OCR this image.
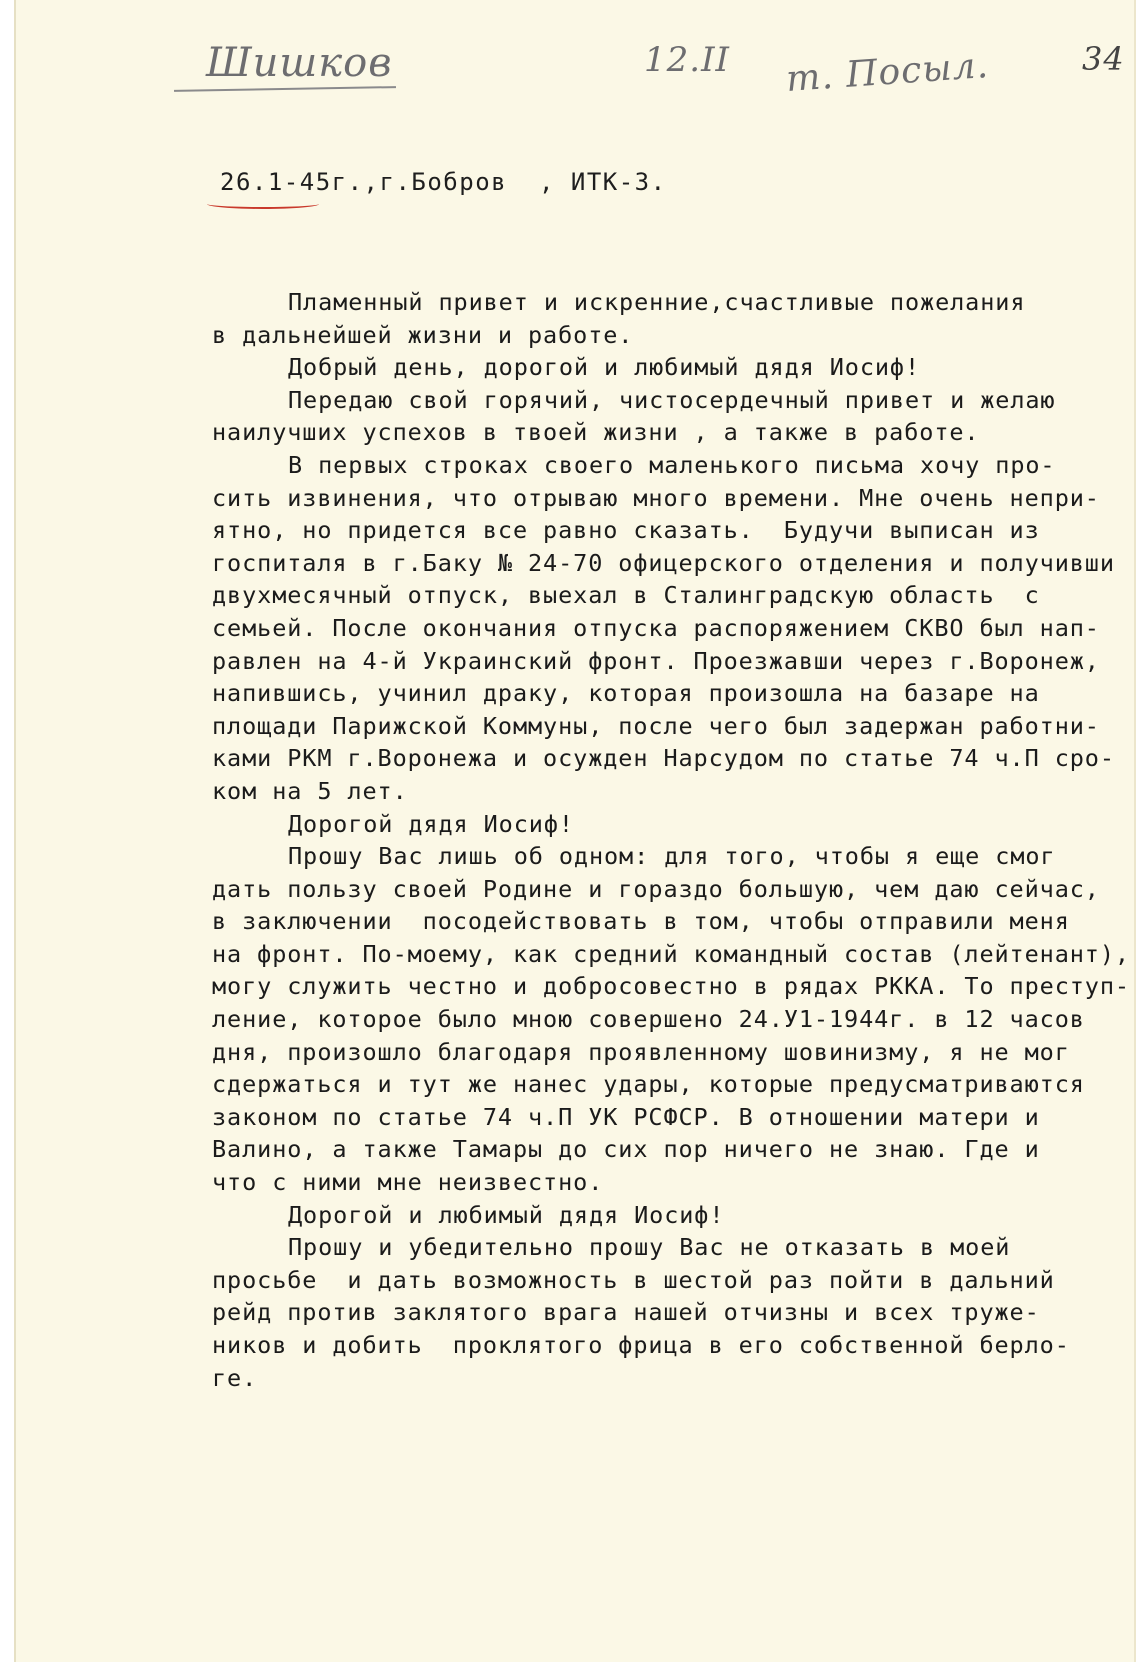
Шишков	12.II т. Посыл.	34
26.1-45г.,г.Бобров  , ИТК-3.
Пламенный привет и искренние,счастливые пожелания
в дальнейшей жизни и работе.
Добрый день, дорогой и любимый дядя Иосиф!
Передаю свой горячий, чистосердечный привет и желаю
наилучших успехов в твоей жизни , а также в работе.
В первых строках своего маленького письма хочу про-
сить извинения, что отрываю много времени. Мне очень непри-
ятно, но придется все равно сказать.  Будучи выписан из
госпиталя в г.Баку № 24-70 офицерского отделения и получивши
двухмесячный отпуск, выехал в Сталинградскую область  с
семьей. После окончания отпуска распоряжением СКВО был нап-
равлен на 4-й Украинский фронт. Проезжавши через г.Воронеж,
напившись, учинил драку, которая произошла на базаре на
площади Парижской Коммуны, после чего был задержан работни-
ками РКМ г.Воронежа и осужден Нарсудом по статье 74 ч.П сро-
ком на 5 лет.
Дорогой дядя Иосиф!
Прошу Вас лишь об одном: для того, чтобы я еще смог
дать пользу своей Родине и гораздо большую, чем даю сейчас,
в заключении  посодействовать в том, чтобы отправили меня
на фронт. По-моему, как средний командный состав (лейтенант),
могу служить честно и добросовестно в рядах РККА. То преступ-
ление, которое было мною совершено 24.У1-1944г. в 12 часов
дня, произошло благодаря проявленному шовинизму, я не мог
сдержаться и тут же нанес удары, которые предусматриваются
законом по статье 74 ч.П УК РСФСР. В отношении матери и
Валино, а также Тамары до сих пор ничего не знаю. Где и
что с ними мне неизвестно.
Дорогой и любимый дядя Иосиф!
Прошу и убедительно прошу Вас не отказать в моей
просьбе  и дать возможность в шестой раз пойти в дальний
рейд против заклятого врага нашей отчизны и всех труже-
ников и добить  проклятого фрица в его собственной берло-
ге.
